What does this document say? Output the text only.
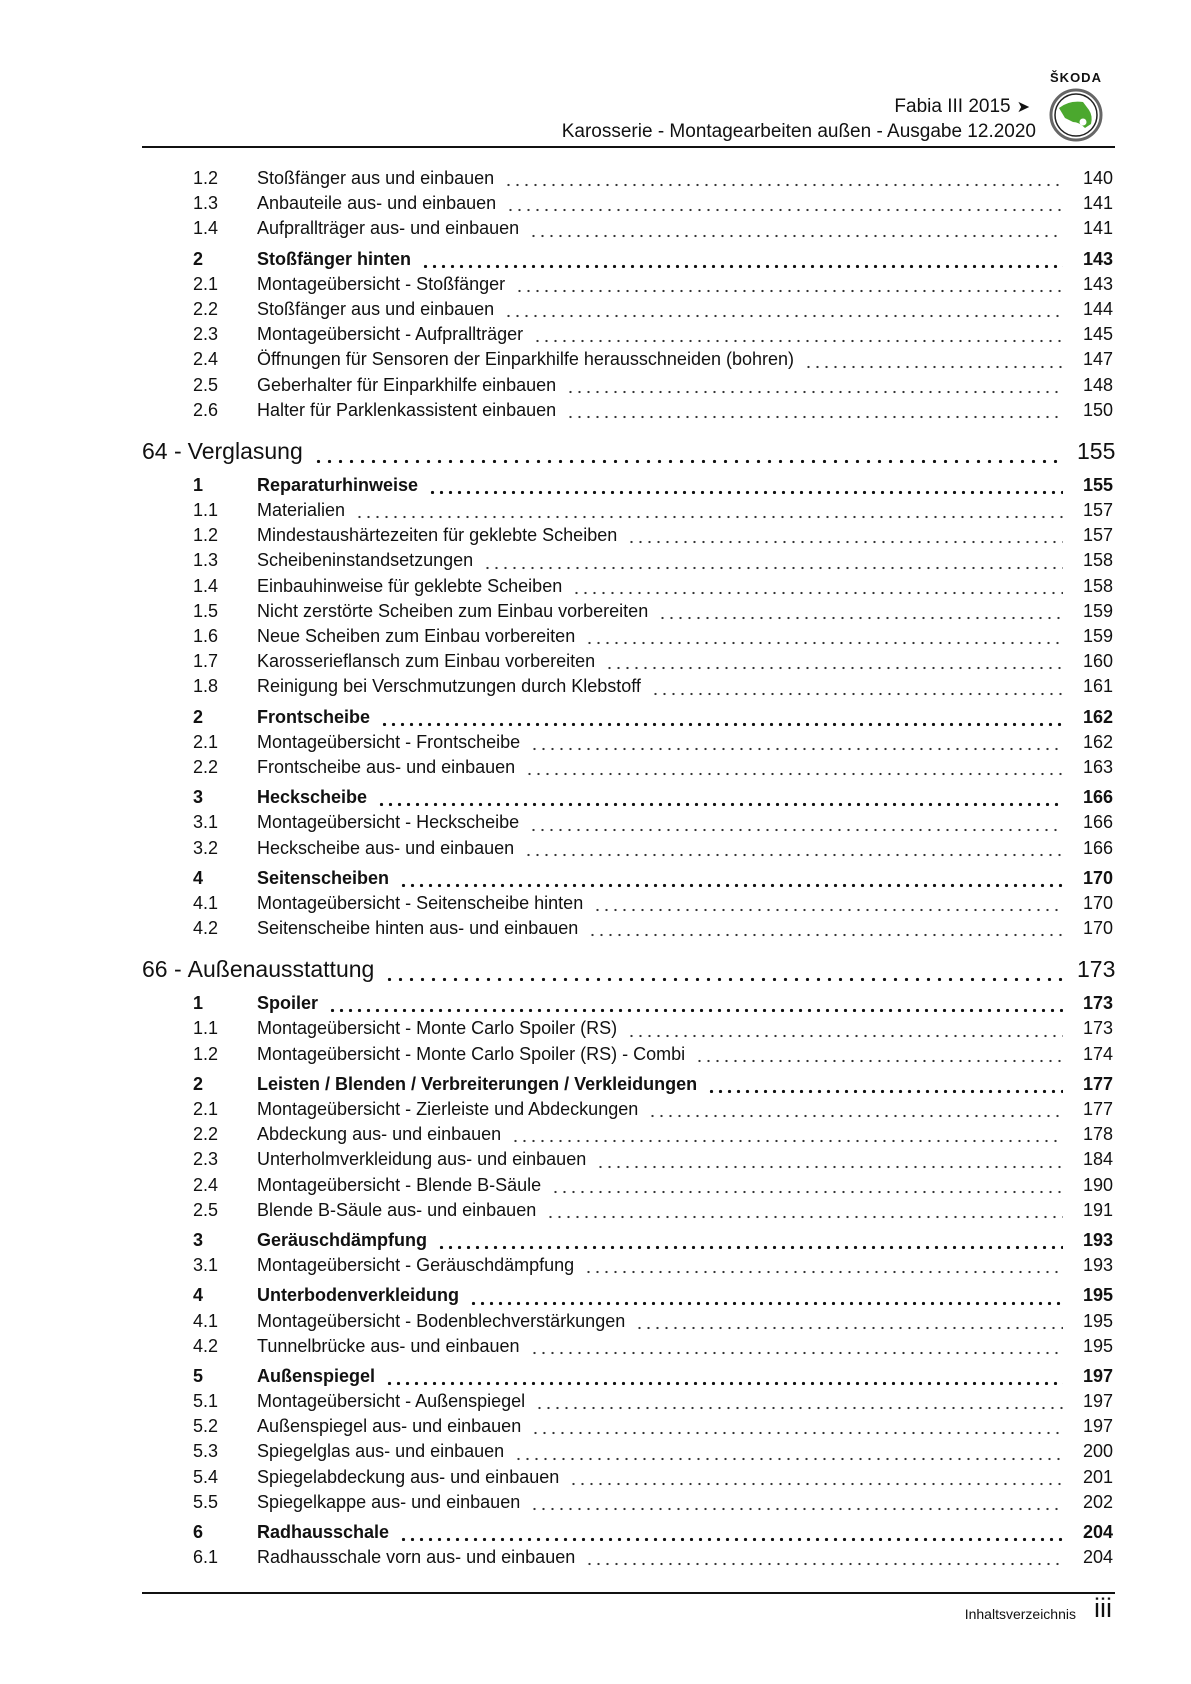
Fabia III 2015 ➤
Karosserie - Montagearbeiten außen - Ausgabe 12.2020
ŠKODA
1.2	Stoßfänger aus und einbauen	140
1.3	Anbauteile aus- und einbauen	141
1.4	Aufprallträger aus- und einbauen	141
2	Stoßfänger hinten	143
2.1	Montageübersicht - Stoßfänger	143
2.2	Stoßfänger aus und einbauen	144
2.3	Montageübersicht - Aufprallträger	145
2.4	Öffnungen für Sensoren der Einparkhilfe herausschneiden (bohren)	147
2.5	Geberhalter für Einparkhilfe einbauen	148
2.6	Halter für Parklenkassistent einbauen	150
64 - Verglasung	155
1	Reparaturhinweise	155
1.1	Materialien	157
1.2	Mindestaushärtezeiten für geklebte Scheiben	157
1.3	Scheibeninstandsetzungen	158
1.4	Einbauhinweise für geklebte Scheiben	158
1.5	Nicht zerstörte Scheiben zum Einbau vorbereiten	159
1.6	Neue Scheiben zum Einbau vorbereiten	159
1.7	Karosserieflansch zum Einbau vorbereiten	160
1.8	Reinigung bei Verschmutzungen durch Klebstoff	161
2	Frontscheibe	162
2.1	Montageübersicht - Frontscheibe	162
2.2	Frontscheibe aus- und einbauen	163
3	Heckscheibe	166
3.1	Montageübersicht - Heckscheibe	166
3.2	Heckscheibe aus- und einbauen	166
4	Seitenscheiben	170
4.1	Montageübersicht - Seitenscheibe hinten	170
4.2	Seitenscheibe hinten aus- und einbauen	170
66 - Außenausstattung	173
1	Spoiler	173
1.1	Montageübersicht - Monte Carlo Spoiler (RS)	173
1.2	Montageübersicht - Monte Carlo Spoiler (RS) - Combi	174
2	Leisten / Blenden / Verbreiterungen / Verkleidungen	177
2.1	Montageübersicht - Zierleiste und Abdeckungen	177
2.2	Abdeckung aus- und einbauen	178
2.3	Unterholmverkleidung aus- und einbauen	184
2.4	Montageübersicht - Blende B-Säule	190
2.5	Blende B-Säule aus- und einbauen	191
3	Geräuschdämpfung	193
3.1	Montageübersicht - Geräuschdämpfung	193
4	Unterbodenverkleidung	195
4.1	Montageübersicht - Bodenblechverstärkungen	195
4.2	Tunnelbrücke aus- und einbauen	195
5	Außenspiegel	197
5.1	Montageübersicht - Außenspiegel	197
5.2	Außenspiegel aus- und einbauen	197
5.3	Spiegelglas aus- und einbauen	200
5.4	Spiegelabdeckung aus- und einbauen	201
5.5	Spiegelkappe aus- und einbauen	202
6	Radhausschale	204
6.1	Radhausschale vorn aus- und einbauen	204
Inhaltsverzeichnis iii
